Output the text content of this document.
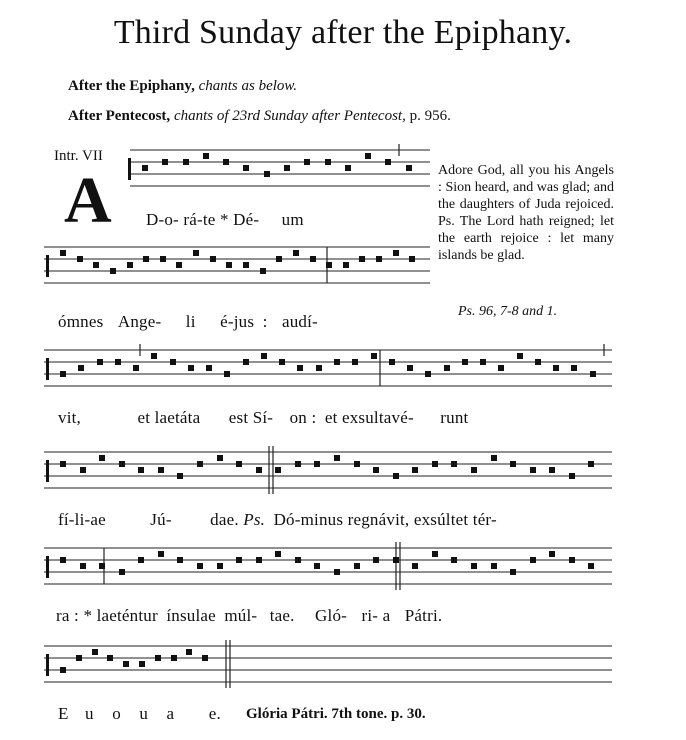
Third Sunday after the Epiphany.
After the Epiphany, chants as below.
After Pentecost, chants of 23rd Sunday after Pentecost, p. 956.
Intr. VII
A D-o- rá-te * Dé- um
ómnes Ange- li é-jus : audí-
vit,	et laetáta est Sí- on : et exsultavé- runt
fí-li-ae	Jú- dae. Ps. Dó-minus regnávit, exsúltet tér-
ra : * laeténtur ínsulae múl- tae. Gló- ri- a Pátri.
E u o u a e.
Adore God, all you his Angels : Sion heard, and was glad; and the daughters of Juda rejoiced. Ps. The Lord hath reigned; let the earth rejoice : let many islands be glad.
Ps. 96, 7-8 and 1.
Glória Pátri. 7th tone. p. 30.
